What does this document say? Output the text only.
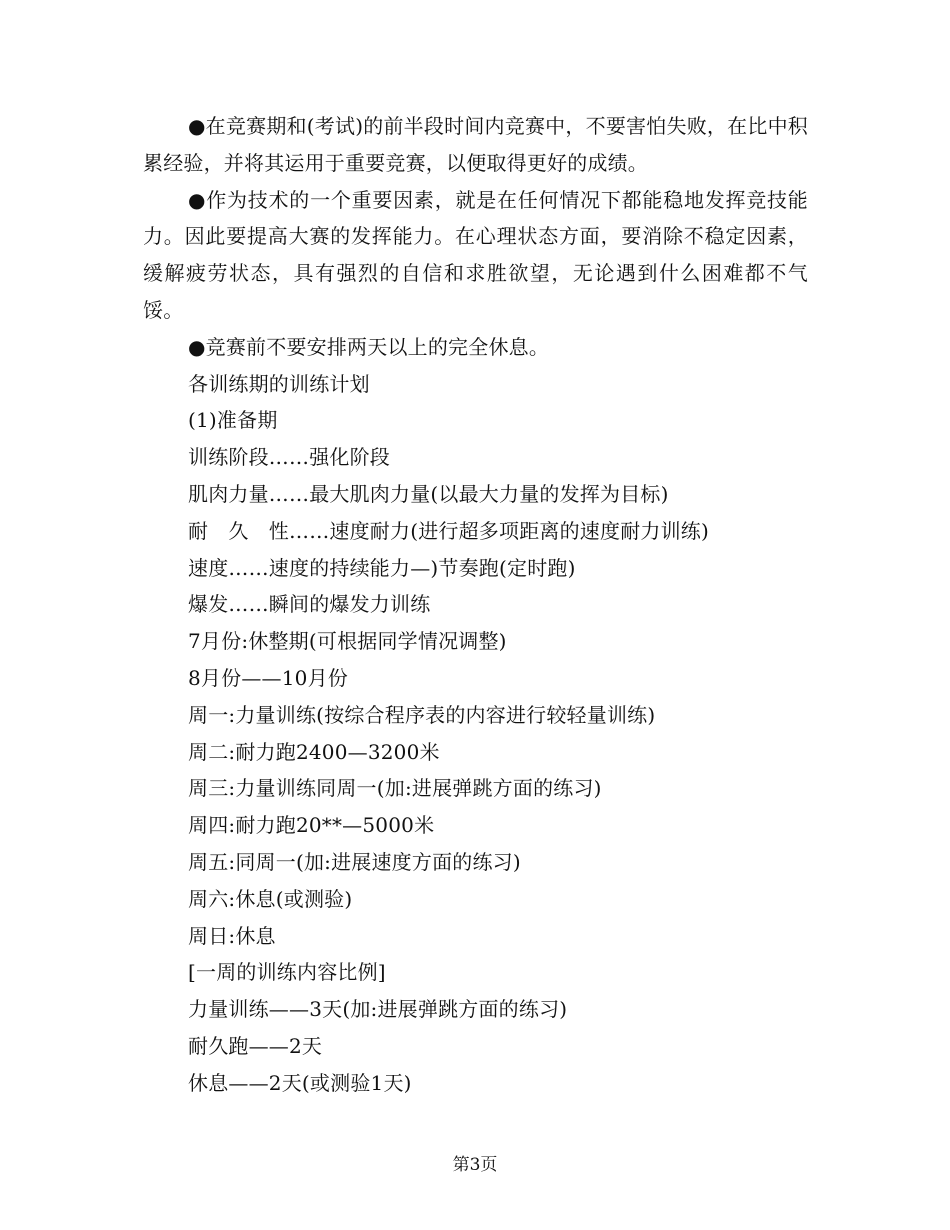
●在竞赛期和(考试)的前半段时间内竞赛中，不要害怕失败，在比中积累经验，并将其运用于重要竞赛，以便取得更好的成绩。

●作为技术的一个重要因素，就是在任何情况下都能稳地发挥竞技能力。因此要提高大赛的发挥能力。在心理状态方面，要消除不稳定因素，缓解疲劳状态，具有强烈的自信和求胜欲望，无论遇到什么困难都不气馁。

●竞赛前不要安排两天以上的完全休息。

各训练期的训练计划

(1)准备期

训练阶段……强化阶段

肌肉力量……最大肌肉力量(以最大力量的发挥为目标)

耐　久　性……速度耐力(进行超多项距离的速度耐力训练)

速度……速度的持续能力—)节奏跑(定时跑)

爆发……瞬间的爆发力训练

7月份:休整期(可根据同学情况调整)

8月份——10月份

周一:力量训练(按综合程序表的内容进行较轻量训练)

周二:耐力跑2400—3200米

周三:力量训练同周一(加:进展弹跳方面的练习)

周四:耐力跑20**—5000米

周五:同周一(加:进展速度方面的练习)

周六:休息(或测验)

周日:休息

[一周的训练内容比例]

力量训练——3天(加:进展弹跳方面的练习)

耐久跑——2天

休息——2天(或测验1天)

第3页
